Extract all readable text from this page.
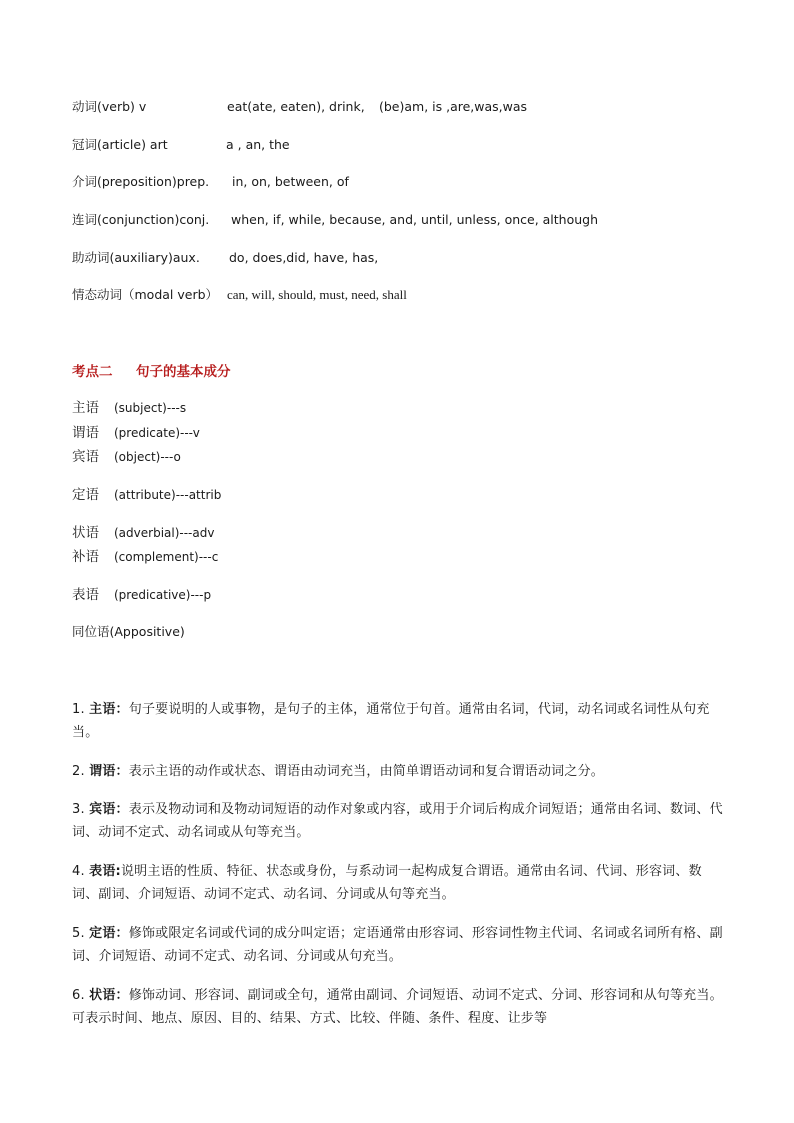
动词(verb) v	eat(ate, eaten), drink, (be)am, is ,are,was,was
冠词(article) art	a , an, the
介词(preposition)prep. in, on, between, of
连词(conjunction)conj. when, if, while, because, and, until, unless, once, although
助动词(auxiliary)aux. do, does,did, have, has,
情态动词（modal verb） can, will, should, must, need, shall
考点二 句子的基本成分
主语 (subject)---s
谓语 (predicate)---v
宾语 (object)---o
定语 (attribute)---attrib
状语 (adverbial)---adv
补语 (complement)---c
表语 (predicative)---p
同位语(Appositive)
1. 主语：句子要说明的人或事物，是句子的主体，通常位于句首。通常由名词，代词，动名词或名词性从句充当。
2. 谓语：表示主语的动作或状态、谓语由动词充当，由简单谓语动词和复合谓语动词之分。
3. 宾语：表示及物动词和及物动词短语的动作对象或内容，或用于介词后构成介词短语；通常由名词、数词、代词、动词不定式、动名词或从句等充当。
4. 表语:说明主语的性质、特征、状态或身份，与系动词一起构成复合谓语。通常由名词、代词、形容词、数词、副词、介词短语、动词不定式、动名词、分词或从句等充当。
5. 定语：修饰或限定名词或代词的成分叫定语；定语通常由形容词、形容词性物主代词、名词或名词所有格、副词、介词短语、动词不定式、动名词、分词或从句充当。
6. 状语：修饰动词、形容词、副词或全句，通常由副词、介词短语、动词不定式、分词、形容词和从句等充当。可表示时间、地点、原因、目的、结果、方式、比较、伴随、条件、程度、让步等
